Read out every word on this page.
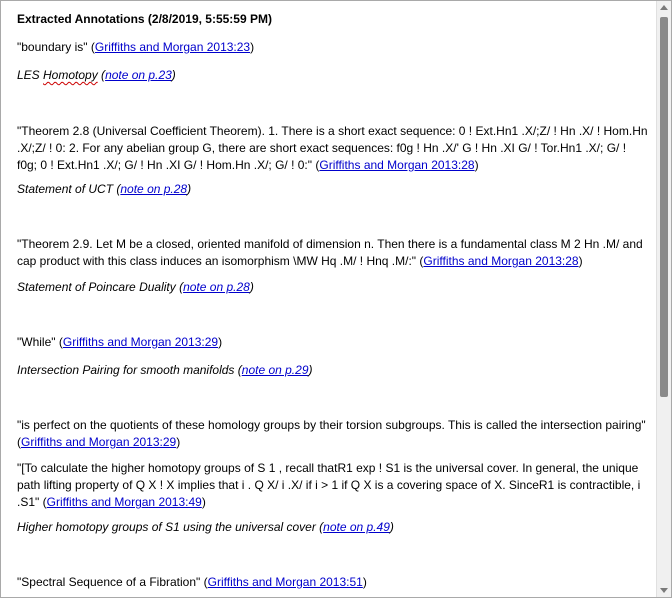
Extracted Annotations (2/8/2019, 5:55:59 PM)

"boundary is" (Griffiths and Morgan 2013:23)

LES Homotopy (note on p.23)

"Theorem 2.8 (Universal Coefficient Theorem). 1. There is a short exact sequence: 0 ! Ext.Hn1 .X/;Z/ ! Hn .X/ ! Hom.Hn .X/;Z/ ! 0: 2. For any abelian group G, there are short exact sequences: f0g ! Hn .X/' G ! Hn .XI G/ ! Tor.Hn1 .X/; G/ ! f0g; 0 ! Ext.Hn1 .X/; G/ ! Hn .XI G/ ! Hom.Hn .X/; G/ ! 0:" (Griffiths and Morgan 2013:28)

Statement of UCT (note on p.28)

"Theorem 2.9. Let M be a closed, oriented manifold of dimension n. Then there is a fundamental class M 2 Hn .M/ and cap product with this class induces an isomorphism \MW Hq .M/ ! Hnq .M/:" (Griffiths and Morgan 2013:28)

Statement of Poincare Duality (note on p.28)

"While" (Griffiths and Morgan 2013:29)

Intersection Pairing for smooth manifolds (note on p.29)

"is perfect on the quotients of these homology groups by their torsion subgroups. This is called the intersection pairing" (Griffiths and Morgan 2013:29)

"[To calculate the higher homotopy groups of S 1 , recall thatR1 exp ! S1 is the universal cover. In general, the unique path lifting property of Q X ! X implies that i . Q X/ i .X/ if i > 1 if Q X is a covering space of X. SinceR1 is contractible, i .S1" (Griffiths and Morgan 2013:49)

Higher homotopy groups of S1 using the universal cover (note on p.49)

"Spectral Sequence of a Fibration" (Griffiths and Morgan 2013:51)
